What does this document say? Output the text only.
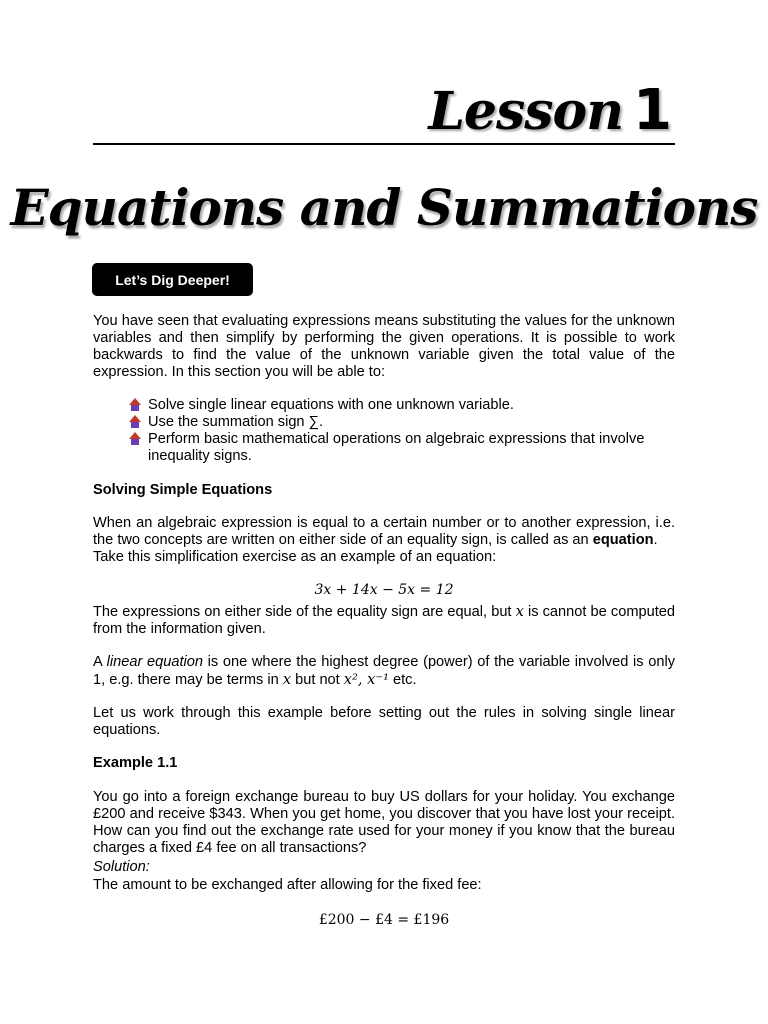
Lesson 1
Equations and Summations
Let’s Dig Deeper!
You have seen that evaluating expressions means substituting the values for the unknown variables and then simplify by performing the given operations. It is possible to work backwards to find the value of the unknown variable given the total value of the expression. In this section you will be able to:
Solve single linear equations with one unknown variable.
Use the summation sign ∑.
Perform basic mathematical operations on algebraic expressions that involve inequality signs.
Solving Simple Equations
When an algebraic expression is equal to a certain number or to another expression, i.e. the two concepts are written on either side of an equality sign, is called as an equation.
Take this simplification exercise as an example of an equation:
3x + 14x − 5x = 12
The expressions on either side of the equality sign are equal, but x is cannot be computed from the information given.
A linear equation is one where the highest degree (power) of the variable involved is only 1, e.g. there may be terms in x but not x², x⁻¹ etc.
Let us work through this example before setting out the rules in solving single linear equations.
Example 1.1
You go into a foreign exchange bureau to buy US dollars for your holiday. You exchange £200 and receive $343. When you get home, you discover that you have lost your receipt. How can you find out the exchange rate used for your money if you know that the bureau charges a fixed £4 fee on all transactions?
Solution:
The amount to be exchanged after allowing for the fixed fee:
£200 − £4 = £196
